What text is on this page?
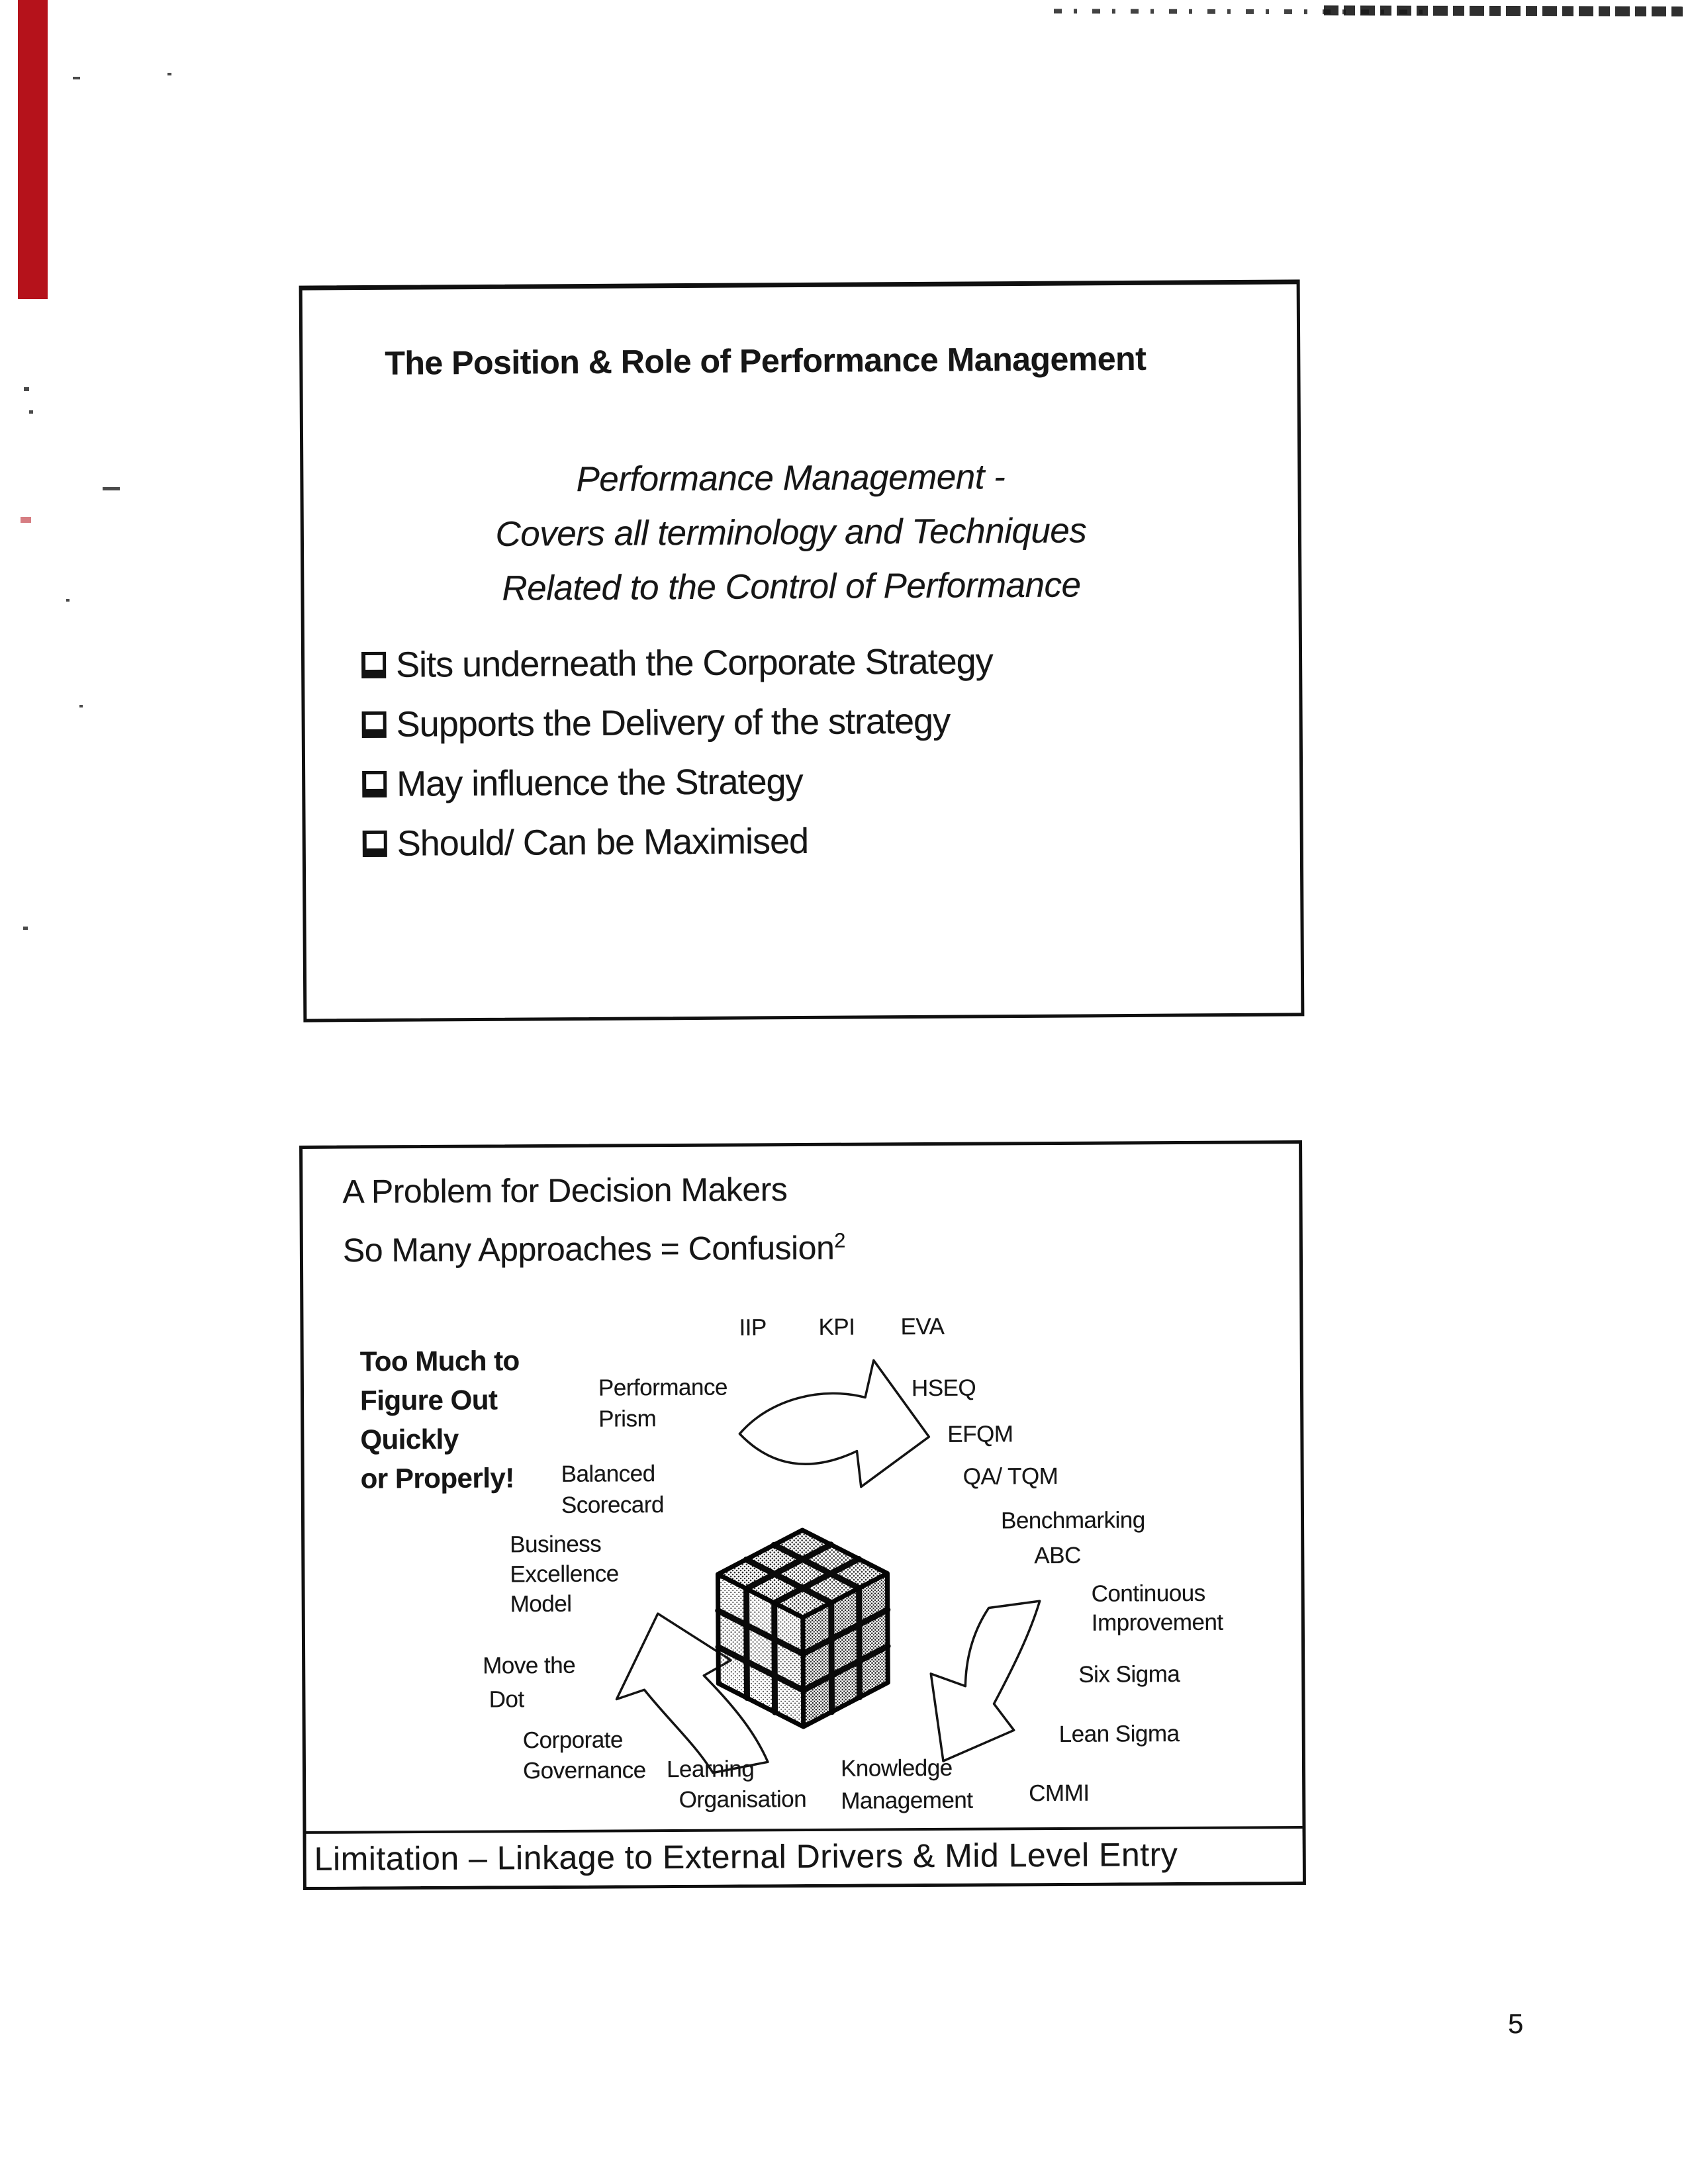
The Position & Role of Performance Management
Performance Management -
Covers all terminology and Techniques
Related to the Control of Performance
Sits underneath the Corporate Strategy
Supports the Delivery of the strategy
May influence the Strategy
Should/ Can be Maximised
A Problem for Decision Makers
So Many Approaches = Confusion$^2$
Too Much to
Figure Out
Quickly
or Properly!
IIP KPI EVA
HSEQ
Performance
Prism
EFQM
QA/ TQM
Balanced
Scorecard
Benchmarking
ABC
Business
Excellence
Model	Continuous
Improvement
Move the
Dot
Six Sigma
Lean Sigma
Corporate
Governance Learning
Organisation
Knowledge
Management CMMI
Limitation – Linkage to External Drivers & Mid Level Entry
5
